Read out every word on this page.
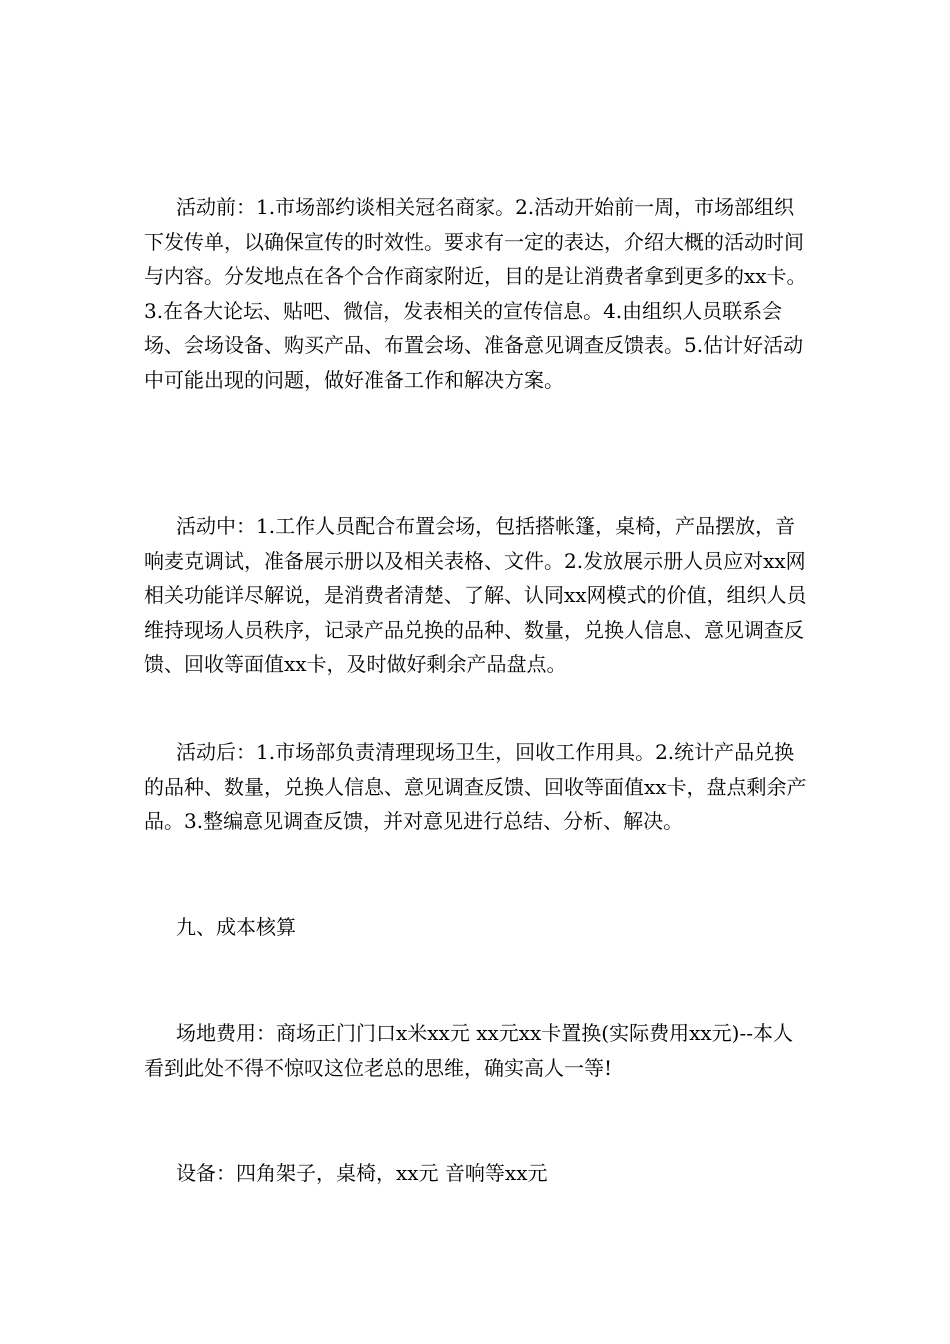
活动前：1.市场部约谈相关冠名商家。2.活动开始前一周，市场部组织下发传单，以确保宣传的时效性。要求有一定的表达，介绍大概的活动时间与内容。分发地点在各个合作商家附近，目的是让消费者拿到更多的xx卡。3.在各大论坛、贴吧、微信，发表相关的宣传信息。4.由组织人员联系会场、会场设备、购买产品、布置会场、准备意见调查反馈表。5.估计好活动中可能出现的问题，做好准备工作和解决方案。

活动中：1.工作人员配合布置会场，包括搭帐篷，桌椅，产品摆放，音响麦克调试，准备展示册以及相关表格、文件。2.发放展示册人员应对xx网相关功能详尽解说，是消费者清楚、了解、认同xx网模式的价值，组织人员维持现场人员秩序，记录产品兑换的品种、数量，兑换人信息、意见调查反馈、回收等面值xx卡，及时做好剩余产品盘点。

活动后：1.市场部负责清理现场卫生，回收工作用具。2.统计产品兑换的品种、数量，兑换人信息、意见调查反馈、回收等面值xx卡，盘点剩余产品。3.整编意见调查反馈，并对意见进行总结、分析、解决。

九、成本核算

场地费用：商场正门门口x米xx元 xx元xx卡置换(实际费用xx元)--本人看到此处不得不惊叹这位老总的思维，确实高人一等!

设备：四角架子，桌椅，xx元 音响等xx元
